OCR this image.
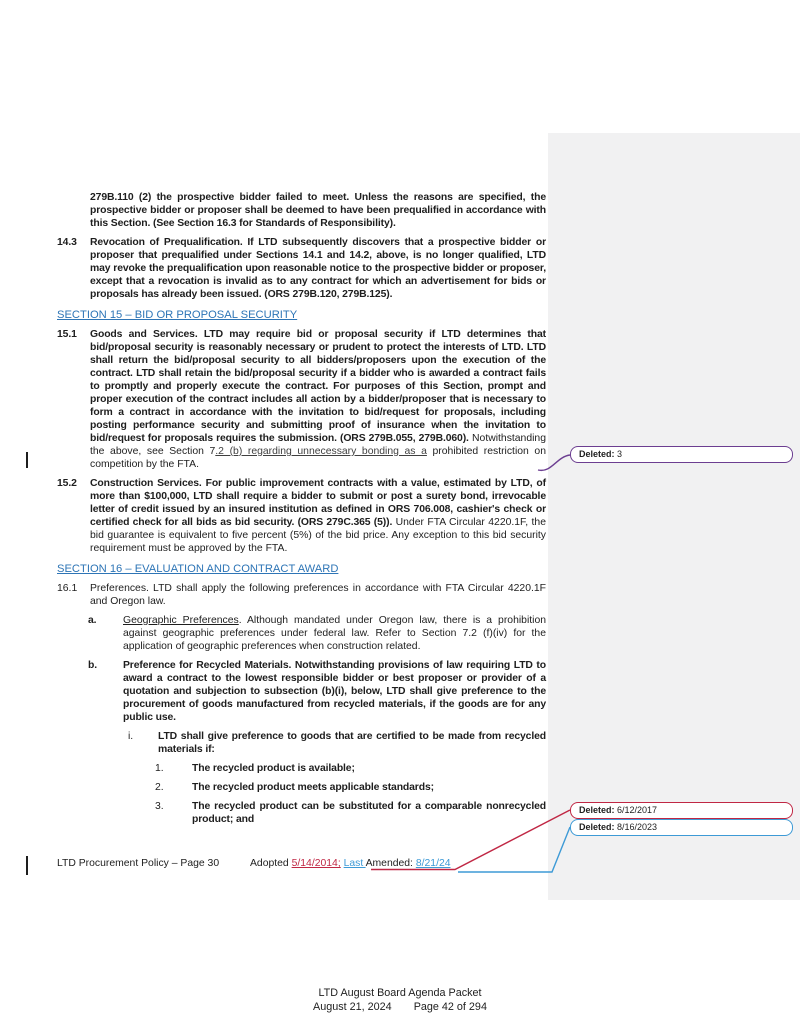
279B.110 (2) the prospective bidder failed to meet. Unless the reasons are specified, the prospective bidder or proposer shall be deemed to have been prequalified in accordance with this Section. (See Section 16.3 for Standards of Responsibility).
14.3 Revocation of Prequalification. If LTD subsequently discovers that a prospective bidder or proposer that prequalified under Sections 14.1 and 14.2, above, is no longer qualified, LTD may revoke the prequalification upon reasonable notice to the prospective bidder or proposer, except that a revocation is invalid as to any contract for which an advertisement for bids or proposals has already been issued. (ORS 279B.120, 279B.125).
SECTION 15 – BID OR PROPOSAL SECURITY
15.1 Goods and Services. LTD may require bid or proposal security if LTD determines that bid/proposal security is reasonably necessary or prudent to protect the interests of LTD. LTD shall return the bid/proposal security to all bidders/proposers upon the execution of the contract. LTD shall retain the bid/proposal security if a bidder who is awarded a contract fails to promptly and properly execute the contract. For purposes of this Section, prompt and proper execution of the contract includes all action by a bidder/proposer that is necessary to form a contract in accordance with the invitation to bid/request for proposals, including posting performance security and submitting proof of insurance when the invitation to bid/request for proposals requires the submission. (ORS 279B.055, 279B.060). Notwithstanding the above, see Section 7.2 (b) regarding unnecessary bonding as a prohibited restriction on competition by the FTA.
15.2 Construction Services. For public improvement contracts with a value, estimated by LTD, of more than $100,000, LTD shall require a bidder to submit or post a surety bond, irrevocable letter of credit issued by an insured institution as defined in ORS 706.008, cashier's check or certified check for all bids as bid security. (ORS 279C.365 (5)). Under FTA Circular 4220.1F, the bid guarantee is equivalent to five percent (5%) of the bid price. Any exception to this bid security requirement must be approved by the FTA.
SECTION 16 – EVALUATION AND CONTRACT AWARD
16.1 Preferences. LTD shall apply the following preferences in accordance with FTA Circular 4220.1F and Oregon law.
a.	Geographic Preferences. Although mandated under Oregon law, there is a prohibition against geographic preferences under federal law. Refer to Section 7.2 (f)(iv) for the application of geographic preferences when construction related.
b.	Preference for Recycled Materials. Notwithstanding provisions of law requiring LTD to award a contract to the lowest responsible bidder or best proposer or provider of a quotation and subjection to subsection (b)(i), below, LTD shall give preference to the procurement of goods manufactured from recycled materials, if the goods are for any public use.
i. LTD shall give preference to goods that are certified to be made from recycled materials if:
1.	The recycled product is available;
2.	The recycled product meets applicable standards;
3.	The recycled product can be substituted for a comparable nonrecycled product; and
Deleted: 3
Deleted: 6/12/2017
Deleted: 8/16/2023
LTD Procurement Policy – Page 30	Adopted 5/14/2014; Last Amended: 8/21/24
LTD August Board Agenda Packet
August 21, 2024 Page 42 of 294
